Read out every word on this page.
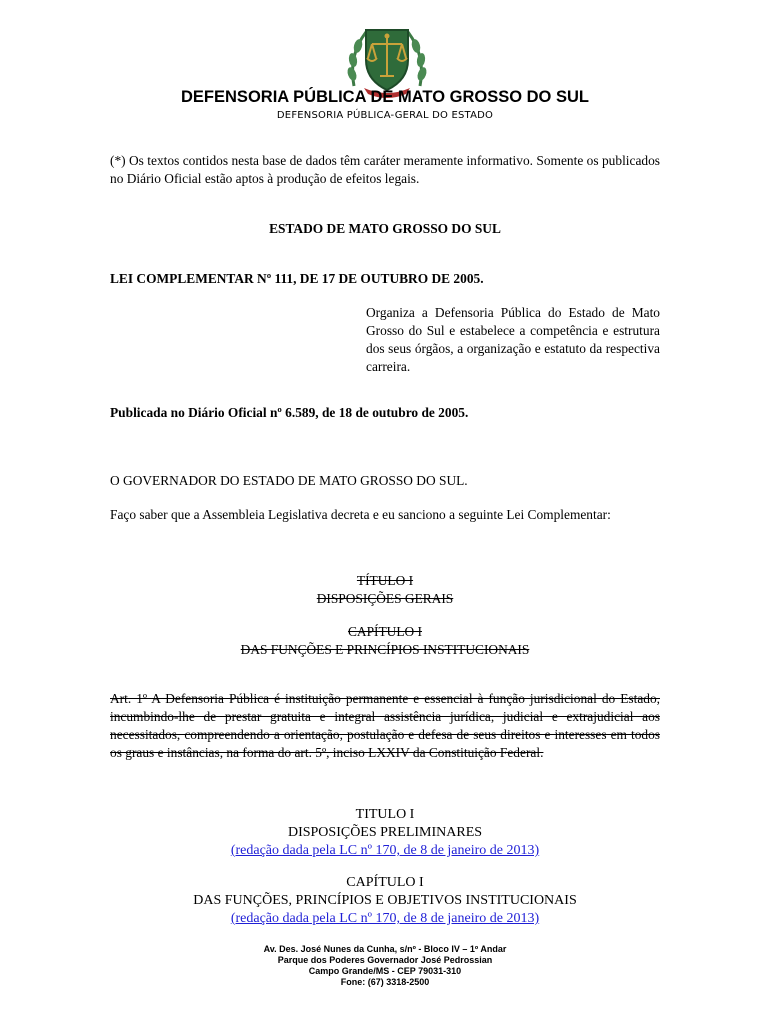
DEFENSORIA PÚBLICA DE MATO GROSSO DO SUL
DEFENSORIA PÚBLICA-GERAL DO ESTADO
(*) Os textos contidos nesta base de dados têm caráter meramente informativo. Somente os publicados no Diário Oficial estão aptos à produção de efeitos legais.
ESTADO DE MATO GROSSO DO SUL
LEI COMPLEMENTAR Nº 111, DE 17 DE OUTUBRO DE 2005.
Organiza a Defensoria Pública do Estado de Mato Grosso do Sul e estabelece a competência e estrutura dos seus órgãos, a organização e estatuto da respectiva carreira.
Publicada no Diário Oficial nº 6.589, de 18 de outubro de 2005.
O GOVERNADOR DO ESTADO DE MATO GROSSO DO SUL.
Faço saber que a Assembleia Legislativa decreta e eu sanciono a seguinte Lei Complementar:
TÍTULO I
DISPOSIÇÕES GERAIS
CAPÍTULO I
DAS FUNÇÕES E PRINCÍPIOS INSTITUCIONAIS
Art. 1º A Defensoria Pública é instituição permanente e essencial à função jurisdicional do Estado, incumbindo-lhe de prestar gratuita e integral assistência jurídica, judicial e extrajudicial aos necessitados, compreendendo a orientação, postulação e defesa de seus direitos e interesses em todos os graus e instâncias, na forma do art. 5º, inciso LXXIV da Constituição Federal.
TITULO I
DISPOSIÇÕES PRELIMINARES
(redação dada pela LC nº 170, de 8 de janeiro de 2013)
CAPÍTULO I
DAS FUNÇÕES, PRINCÍPIOS E OBJETIVOS INSTITUCIONAIS
(redação dada pela LC nº 170, de 8 de janeiro de 2013)
Av. Des. José Nunes da Cunha, s/nº - Bloco IV – 1º Andar
Parque dos Poderes Governador José Pedrossian
Campo Grande/MS - CEP 79031-310
Fone: (67) 3318-2500
